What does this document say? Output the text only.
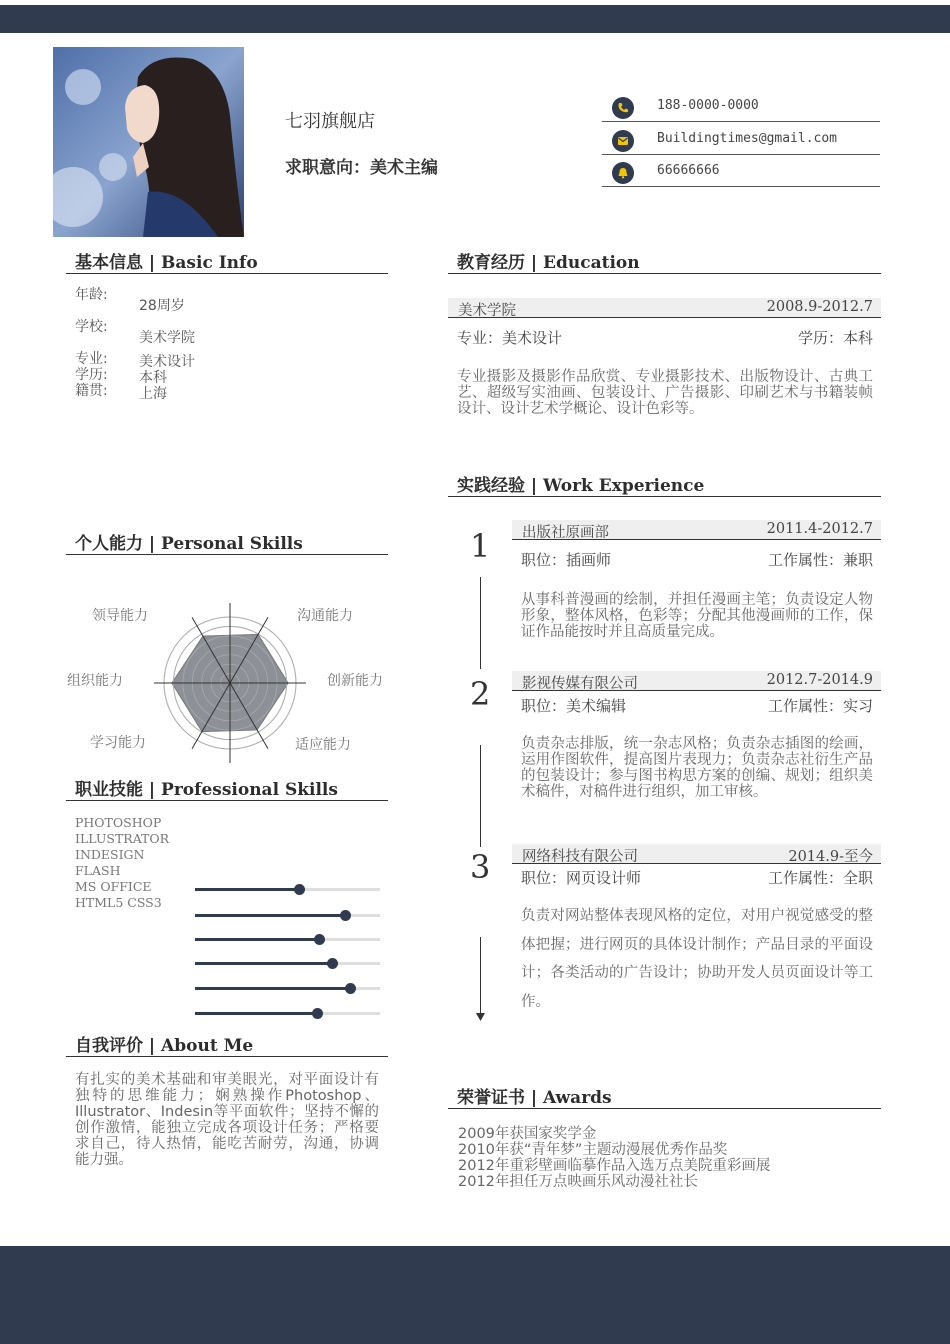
七羽旗舰店
求职意向：美术主编
188-0000-0000
Buildingtimes@gmail.com
66666666
基本信息 | Basic Info
年龄:
28周岁
学校:
美术学院
专业:	美术设计
学历:	本科
籍贯:	上海
个人能力 | Personal Skills
领导能力	沟通能力
组织能力	创新能力
学习能力	适应能力
职业技能 | Professional Skills
PHOTOSHOP
ILLUSTRATOR
INDESIGN
FLASH
MS OFFICE
HTML5 CSS3
自我评价 | About Me
有扎实的美术基础和审美眼光，对平面设计有独特的思维能力；娴熟操作Photoshop、Illustrator、Indesin等平面软件；坚持不懈的创作激情，能独立完成各项设计任务；严格要求自己，待人热情，能吃苦耐劳，沟通，协调能力强。
教育经历 | Education
美术学院	2008.9-2012.7
专业：美术设计	学历：本科
专业摄影及摄影作品欣赏、专业摄影技术、出版物设计、古典工艺、超级写实油画、包装设计、广告摄影、印刷艺术与书籍装帧设计、设计艺术学概论、设计色彩等。
实践经验 | Work Experience
1 出版社原画部	2011.4-2012.7
职位：插画师	工作属性：兼职
从事科普漫画的绘制，并担任漫画主笔；负责设定人物形象，整体风格，色彩等；分配其他漫画师的工作，保证作品能按时并且高质量完成。
2 影视传媒有限公司	2012.7-2014.9
职位：美术编辑	工作属性：实习
负责杂志排版，统一杂志风格；负责杂志插图的绘画，运用作图软件，提高图片表现力；负责杂志社衍生产品的包装设计；参与图书构思方案的创编、规划；组织美术稿件，对稿件进行组织，加工审核。
3 网络科技有限公司	2014.9-至今
职位：网页设计师	工作属性：全职
负责对网站整体表现风格的定位，对用户视觉感受的整体把握；进行网页的具体设计制作；产品目录的平面设计；各类活动的广告设计；协助开发人员页面设计等工作。
荣誉证书 | Awards
2009年获国家奖学金
2010年获“青年梦”主题动漫展优秀作品奖
2012年重彩壁画临摹作品入选万点美院重彩画展
2012年担任万点映画乐风动漫社社长
